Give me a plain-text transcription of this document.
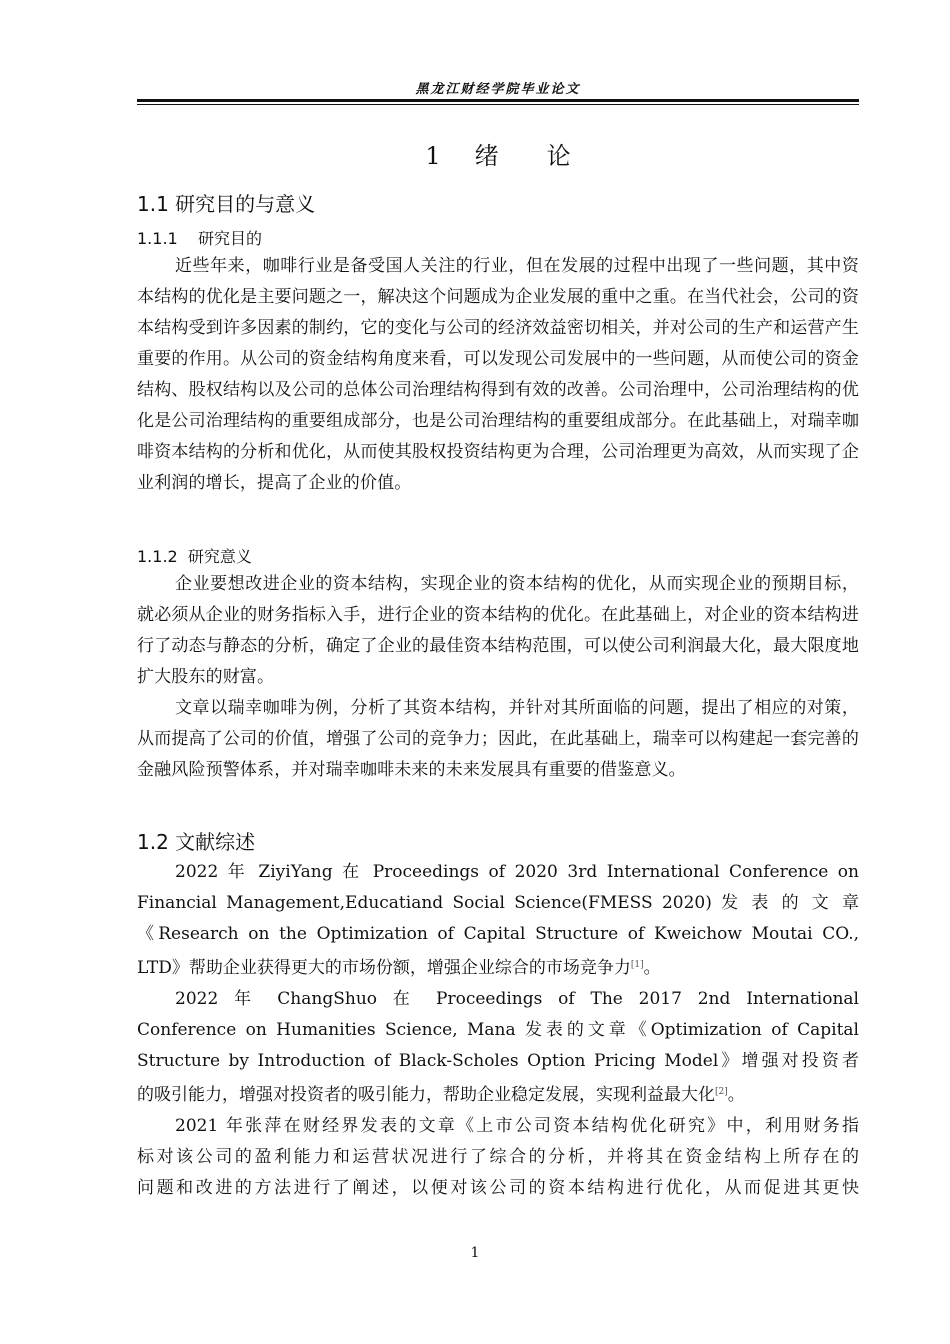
黑龙江财经学院毕业论文
1 绪 论
1.1 研究目的与意义
1.1.1    研究目的

近些年来，咖啡行业是备受国人关注的行业，但在发展的过程中出现了一些问题，其中资本结构的优化是主要问题之一，解决这个问题成为企业发展的重中之重。在当代社会，公司的资本结构受到许多因素的制约，它的变化与公司的经济效益密切相关，并对公司的生产和运营产生重要的作用。从公司的资金结构角度来看，可以发现公司发展中的一些问题，从而使公司的资金结构、股权结构以及公司的总体公司治理结构得到有效的改善。公司治理中，公司治理结构的优化是公司治理结构的重要组成部分，也是公司治理结构的重要组成部分。在此基础上，对瑞幸咖啡资本结构的分析和优化，从而使其股权投资结构更为合理，公司治理更为高效，从而实现了企业利润的增长，提高了企业的价值。

1.1.2  研究意义

企业要想改进企业的资本结构，实现企业的资本结构的优化，从而实现企业的预期目标，就必须从企业的财务指标入手，进行企业的资本结构的优化。在此基础上，对企业的资本结构进行了动态与静态的分析，确定了企业的最佳资本结构范围，可以使公司利润最大化，最大限度地扩大股东的财富。

文章以瑞幸咖啡为例，分析了其资本结构，并针对其所面临的问题，提出了相应的对策，从而提高了公司的价值，增强了公司的竞争力；因此，在此基础上，瑞幸可以构建起一套完善的金融风险预警体系，并对瑞幸咖啡未来的未来发展具有重要的借鉴意义。

1.2 文献综述
2022 年 ZiyiYang 在 Proceedings of 2020 3rd International Conference on
Financial Management,Educatiand Social Science(FMESS 2020) 发 表 的 文 章
《Research on the Optimization of Capital Structure of Kweichow Moutai CO.,
LTD》帮助企业获得更大的市场份额，增强企业综合的市场竞争力[1]。
2022 年 ChangShuo 在 Proceedings of The 2017 2nd International
Conference on Humanities Science, Mana 发表的文章《Optimization of Capital
Structure by Introduction of Black-Scholes Option Pricing Model》增强对投资者
的吸引能力，增强对投资者的吸引能力，帮助企业稳定发展，实现利益最大化[2]。
2021 年张萍在财经界发表的文章《上市公司资本结构优化研究》中，利用财务指
标对该公司的盈利能力和运营状况进行了综合的分析，并将其在资金结构上所存在的
问题和改进的方法进行了阐述，以便对该公司的资本结构进行优化，从而促进其更快
1
